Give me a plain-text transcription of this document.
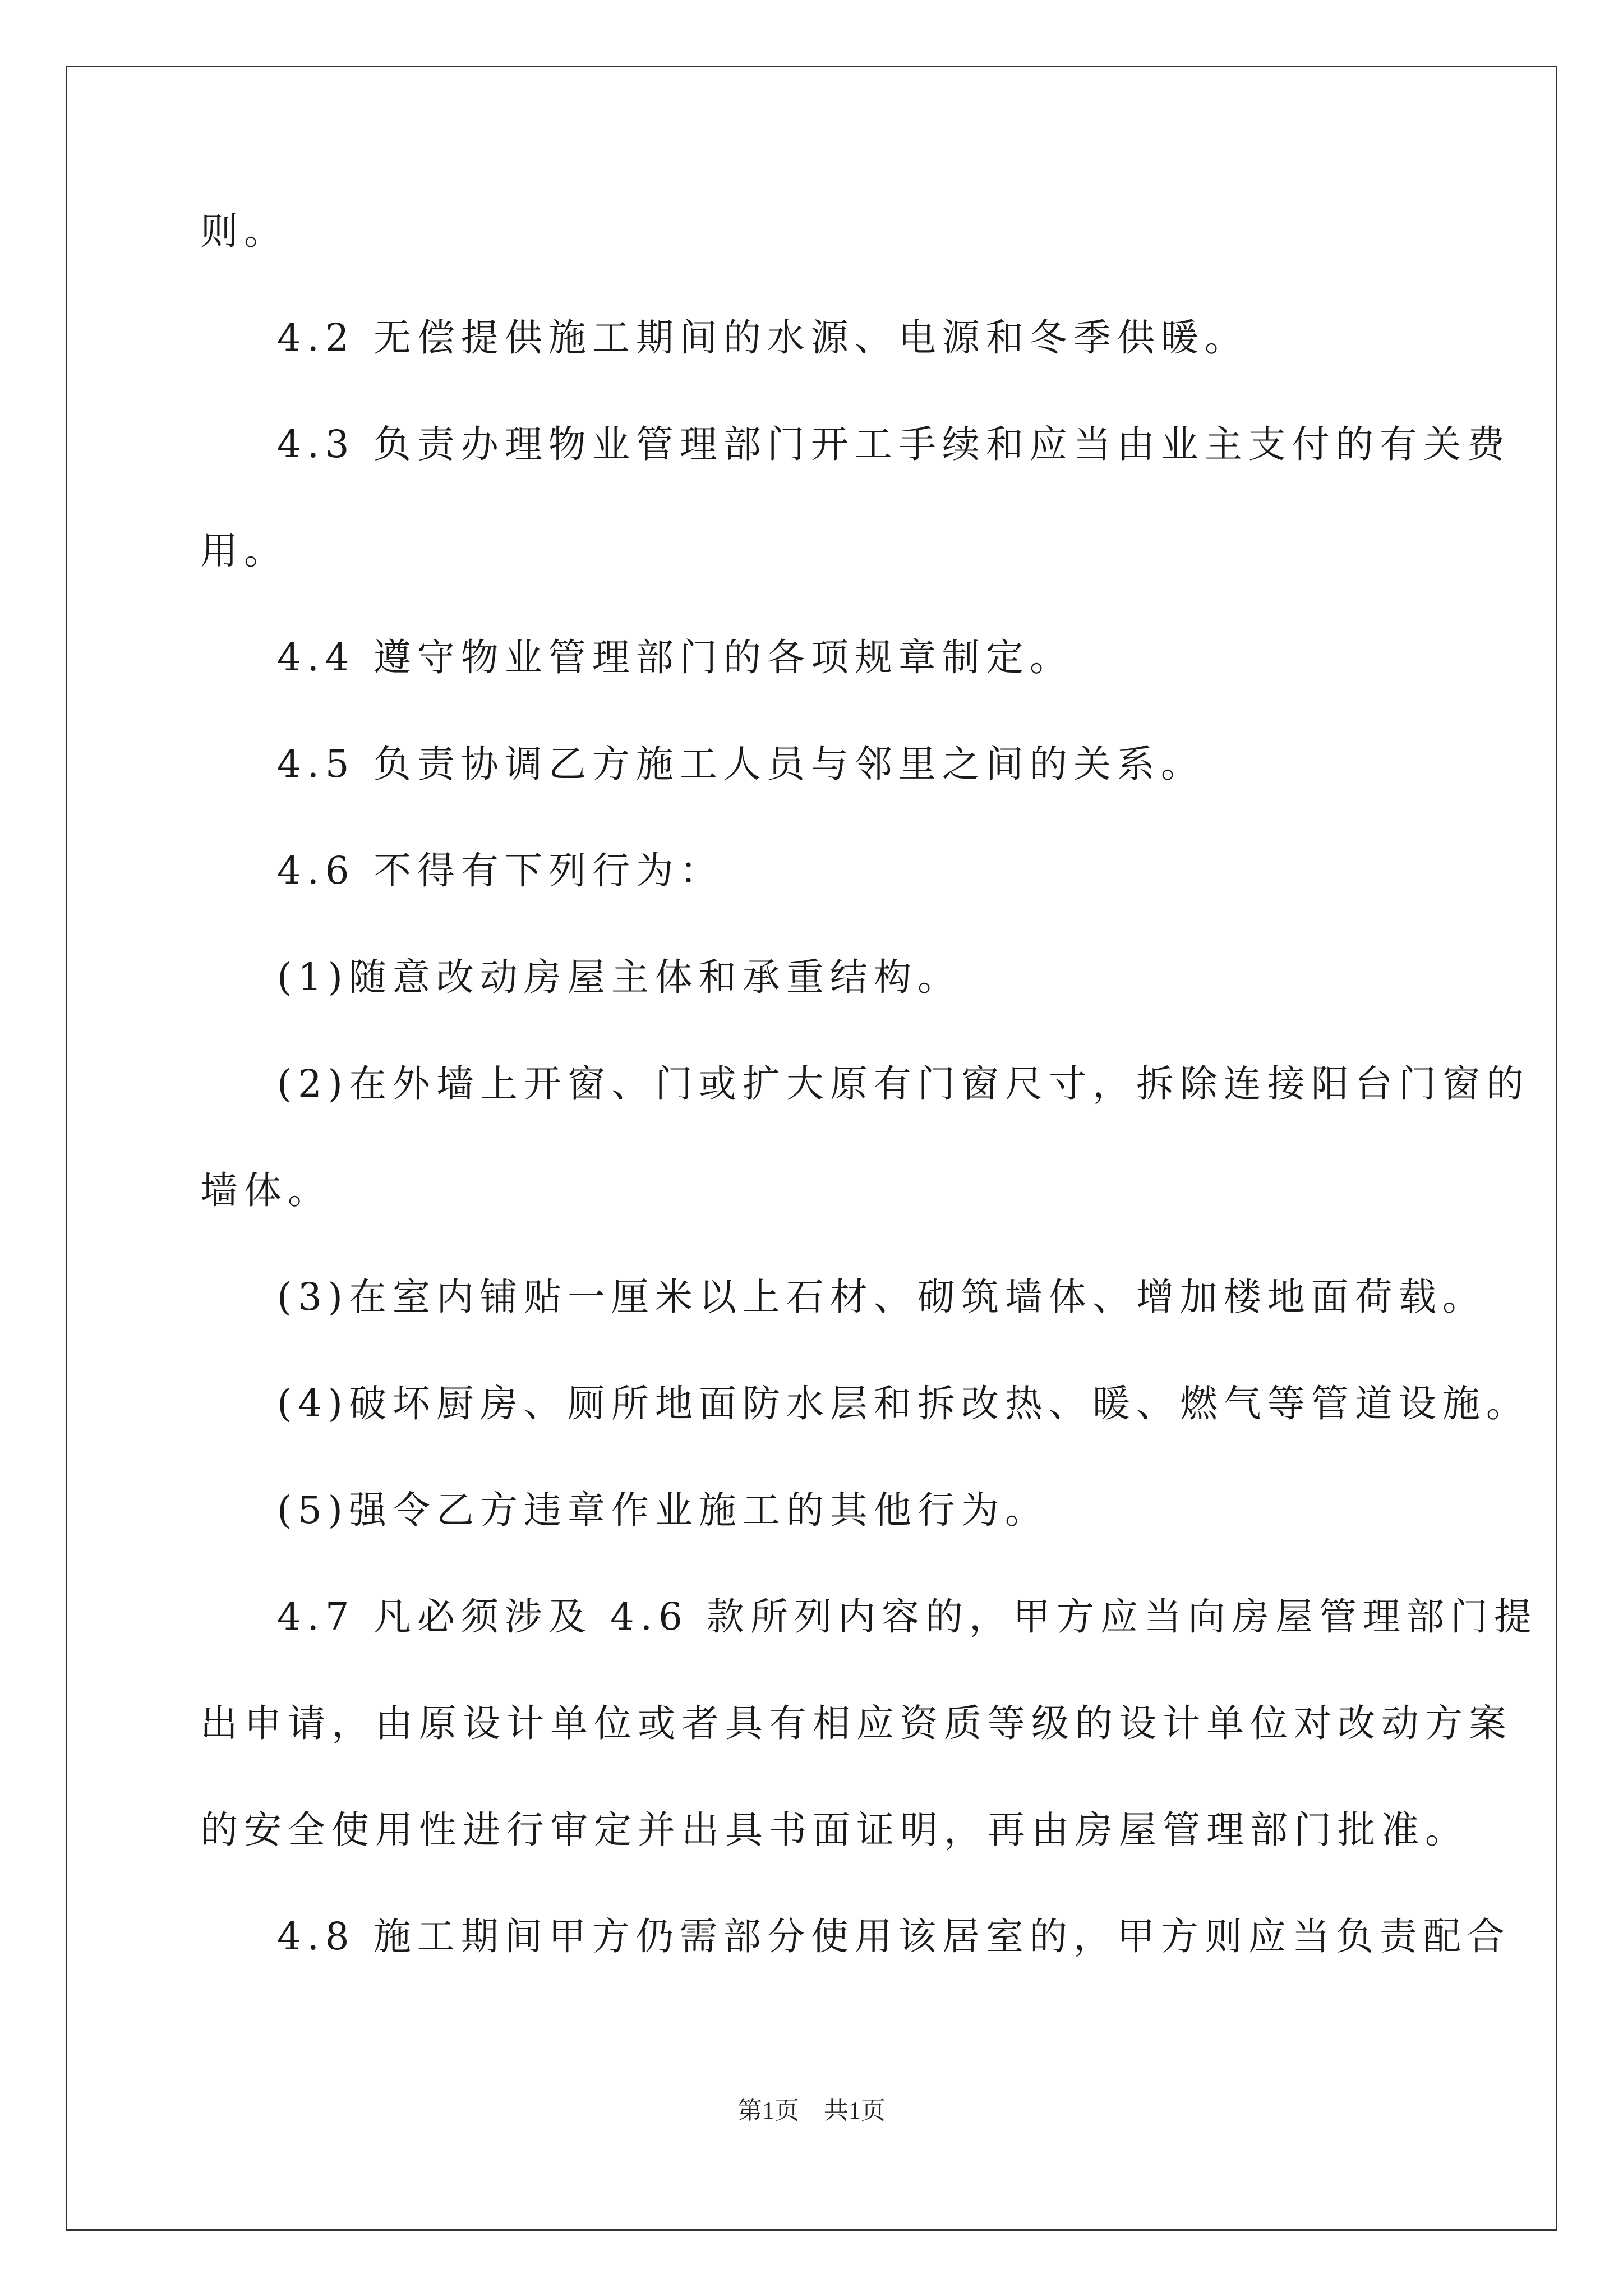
则。
4.2 无偿提供施工期间的水源、电源和冬季供暖。
4.3 负责办理物业管理部门开工手续和应当由业主支付的有关费
用。
4.4 遵守物业管理部门的各项规章制定。
4.5 负责协调乙方施工人员与邻里之间的关系。
4.6 不得有下列行为：
(1)随意改动房屋主体和承重结构。
(2)在外墙上开窗、门或扩大原有门窗尺寸，拆除连接阳台门窗的
墙体。
(3)在室内铺贴一厘米以上石材、砌筑墙体、增加楼地面荷载。
(4)破坏厨房、厕所地面防水层和拆改热、暖、燃气等管道设施。
(5)强令乙方违章作业施工的其他行为。
4.7 凡必须涉及 4.6 款所列内容的，甲方应当向房屋管理部门提
出申请，由原设计单位或者具有相应资质等级的设计单位对改动方案
的安全使用性进行审定并出具书面证明，再由房屋管理部门批准。
4.8 施工期间甲方仍需部分使用该居室的，甲方则应当负责配合
第1页　共1页
